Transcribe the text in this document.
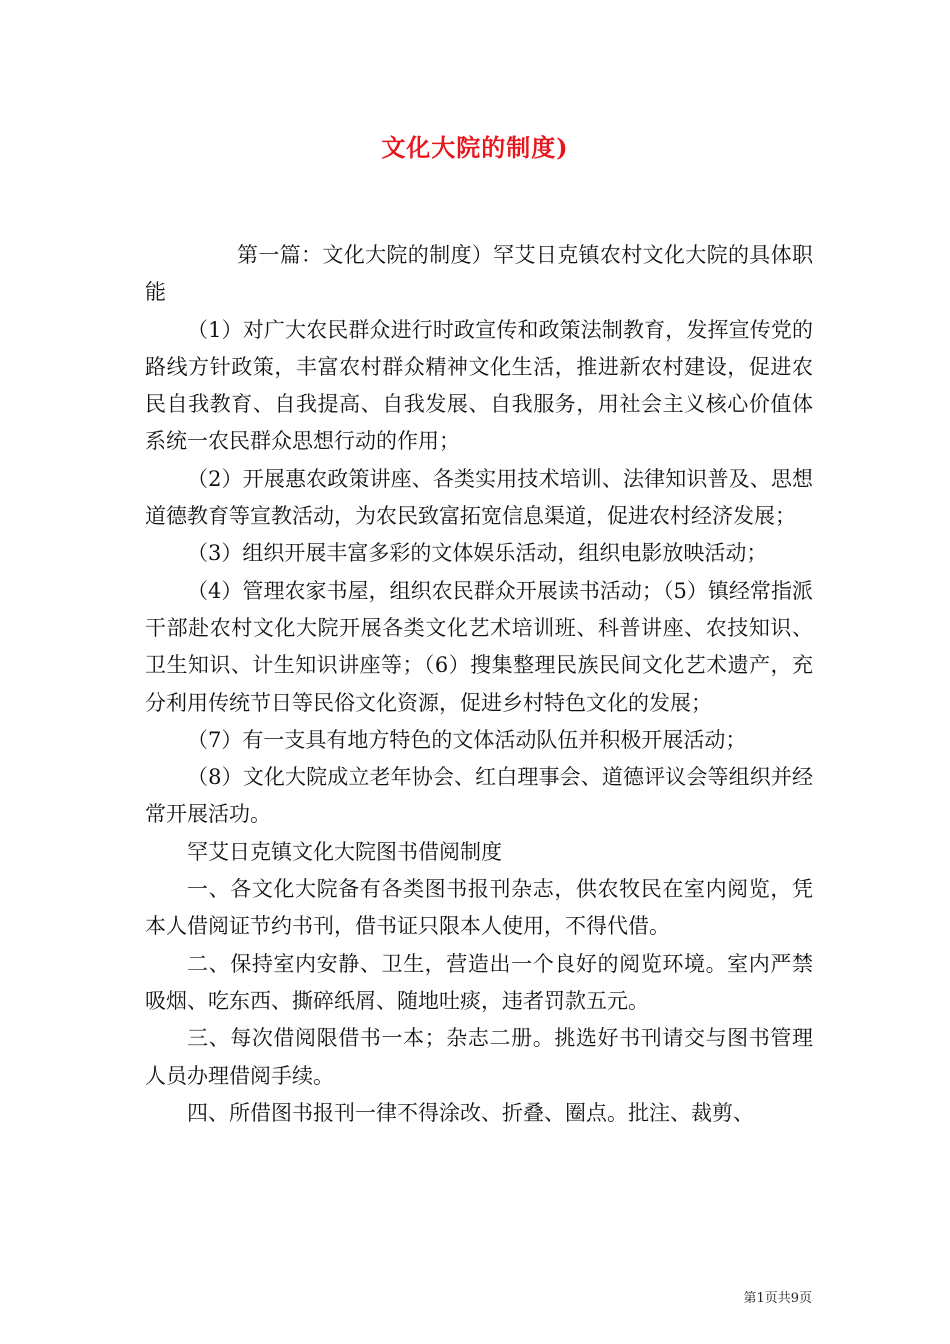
文化大院的制度)

第一篇：文化大院的制度）罕艾日克镇农村文化大院的具体职能

（1）对广大农民群众进行时政宣传和政策法制教育，发挥宣传党的路线方针政策，丰富农村群众精神文化生活，推进新农村建设，促进农民自我教育、自我提高、自我发展、自我服务，用社会主义核心价值体系统一农民群众思想行动的作用；

（2）开展惠农政策讲座、各类实用技术培训、法律知识普及、思想道德教育等宣教活动，为农民致富拓宽信息渠道，促进农村经济发展；

（3）组织开展丰富多彩的文体娱乐活动，组织电影放映活动；

（4）管理农家书屋，组织农民群众开展读书活动；（5）镇经常指派干部赴农村文化大院开展各类文化艺术培训班、科普讲座、农技知识、卫生知识、计生知识讲座等；（6）搜集整理民族民间文化艺术遗产，充分利用传统节日等民俗文化资源，促进乡村特色文化的发展；

（7）有一支具有地方特色的文体活动队伍并积极开展活动；

（8）文化大院成立老年协会、红白理事会、道德评议会等组织并经常开展活功。

罕艾日克镇文化大院图书借阅制度

一、各文化大院备有各类图书报刊杂志，供农牧民在室内阅览，凭本人借阅证节约书刊，借书证只限本人使用，不得代借。

二、保持室内安静、卫生，营造出一个良好的阅览环境。室内严禁吸烟、吃东西、撕碎纸屑、随地吐痰，违者罚款五元。

三、每次借阅限借书一本；杂志二册。挑选好书刊请交与图书管理人员办理借阅手续。

四、所借图书报刊一律不得涂改、折叠、圈点。批注、裁剪、

第1页共9页
